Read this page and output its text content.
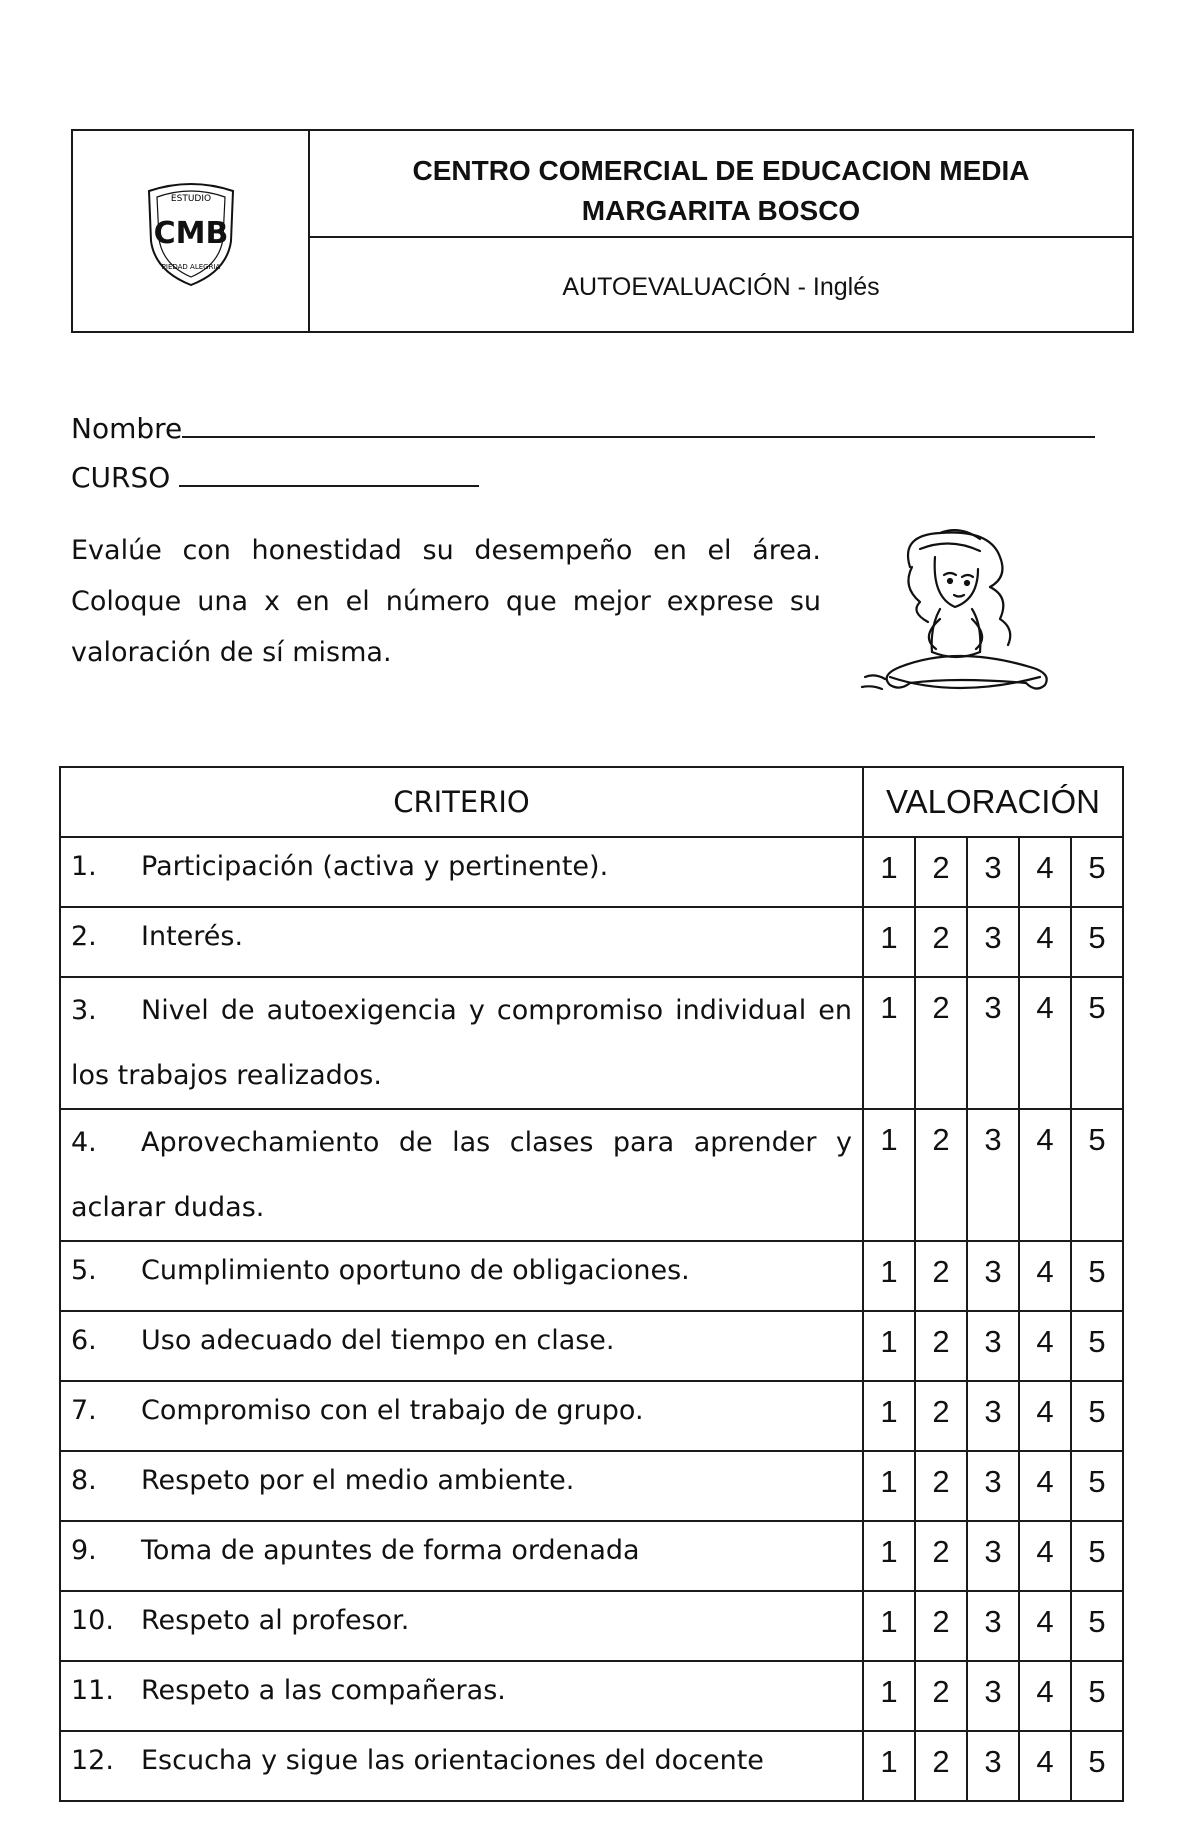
ESTUDIO
CMB
PIEDAD ALEGRIA
CENTRO COMERCIAL DE EDUCACION MEDIA
MARGARITA BOSCO
AUTOEVALUACIÓN - Inglés
Nombre
CURSO
Evalúe con honestidad su desempeño en el área. Coloque una x en el número que mejor exprese su valoración de sí misma.
CRITERIO	VALORACIÓN				
1. Participación (activa y pertinente).	1	2	3	4	5
2. Interés.	1	2	3	4	5
3. Nivel de autoexigencia y compromiso individual en los trabajos realizados.	1	2	3	4	5
4. Aprovechamiento de las clases para aprender y aclarar dudas.	1	2	3	4	5
5. Cumplimiento oportuno de obligaciones.	1	2	3	4	5
6. Uso adecuado del tiempo en clase.	1	2	3	4	5
7. Compromiso con el trabajo de grupo.	1	2	3	4	5
8. Respeto por el medio ambiente.	1	2	3	4	5
9. Toma de apuntes de forma ordenada	1	2	3	4	5
10. Respeto al profesor.	1	2	3	4	5
11. Respeto a las compañeras.	1	2	3	4	5
12. Escucha y sigue las orientaciones del docente	1	2	3	4	5
